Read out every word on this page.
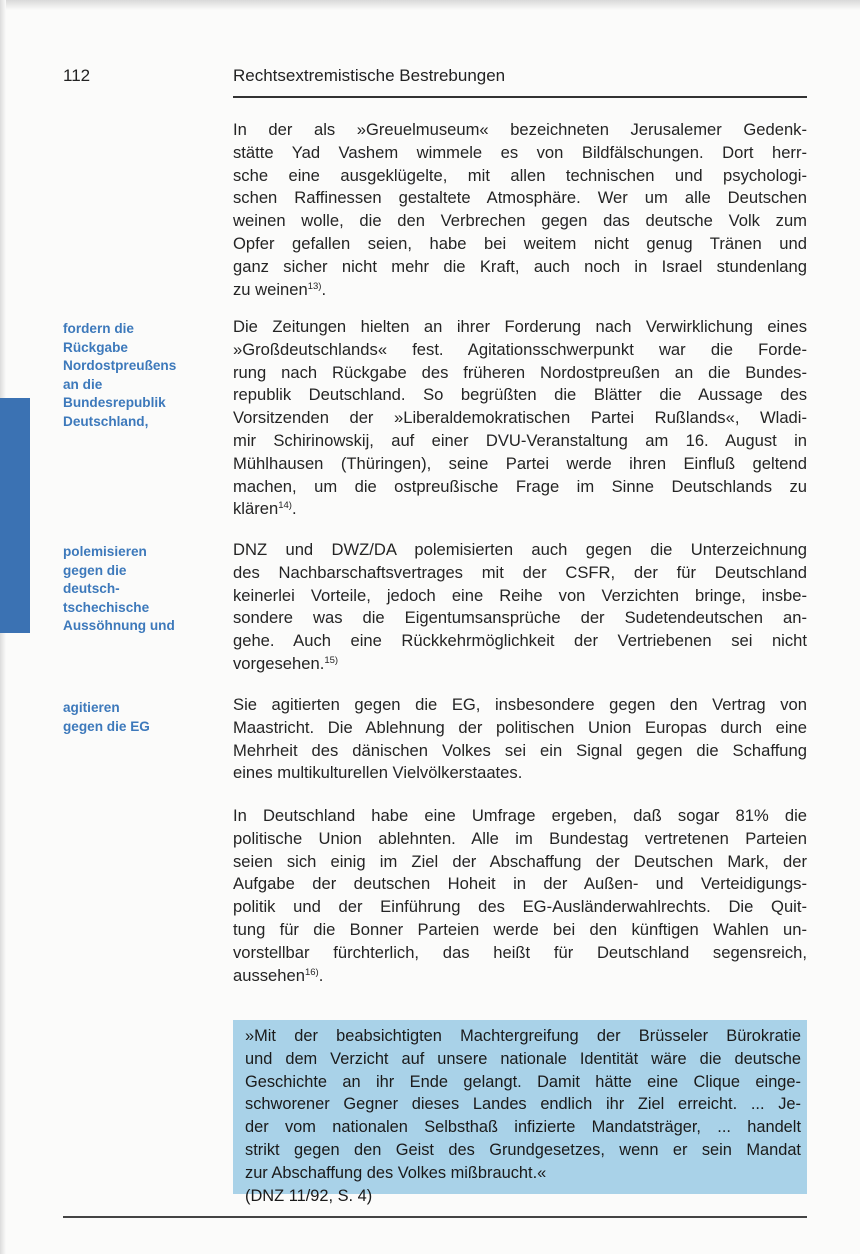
112	Rechtsextremistische Bestrebungen
fordern die
Rückgabe
Nordostpreußens
an die
Bundesrepublik
Deutschland,
polemisieren
gegen die
deutsch-
tschechische
Aussöhnung und
agitieren
gegen die EG
In der als »Greuelmuseum« bezeichneten Jerusalemer Gedenk-
stätte Yad Vashem wimmele es von Bildfälschungen. Dort herr-
sche eine ausgeklügelte, mit allen technischen und psychologi-
schen Raffinessen gestaltete Atmosphäre. Wer um alle Deutschen
weinen wolle, die den Verbrechen gegen das deutsche Volk zum
Opfer gefallen seien, habe bei weitem nicht genug Tränen und
ganz sicher nicht mehr die Kraft, auch noch in Israel stundenlang
zu weinen$^{13)}$.
Die Zeitungen hielten an ihrer Forderung nach Verwirklichung eines
»Großdeutschlands« fest. Agitationsschwerpunkt war die Forde-
rung nach Rückgabe des früheren Nordostpreußen an die Bundes-
republik Deutschland. So begrüßten die Blätter die Aussage des
Vorsitzenden der »Liberaldemokratischen Partei Rußlands«, Wladi-
mir Schirinowskij, auf einer DVU-Veranstaltung am 16. August in
Mühlhausen (Thüringen), seine Partei werde ihren Einfluß geltend
machen, um die ostpreußische Frage im Sinne Deutschlands zu
klären$^{14)}$.
DNZ und DWZ/DA polemisierten auch gegen die Unterzeichnung
des Nachbarschaftsvertrages mit der CSFR, der für Deutschland
keinerlei Vorteile, jedoch eine Reihe von Verzichten bringe, insbe-
sondere was die Eigentumsansprüche der Sudetendeutschen an-
gehe. Auch eine Rückkehrmöglichkeit der Vertriebenen sei nicht
vorgesehen.$^{15)}$
Sie agitierten gegen die EG, insbesondere gegen den Vertrag von
Maastricht. Die Ablehnung der politischen Union Europas durch eine
Mehrheit des dänischen Volkes sei ein Signal gegen die Schaffung
eines multikulturellen Vielvölkerstaates.
In Deutschland habe eine Umfrage ergeben, daß sogar 81% die
politische Union ablehnten. Alle im Bundestag vertretenen Parteien
seien sich einig im Ziel der Abschaffung der Deutschen Mark, der
Aufgabe der deutschen Hoheit in der Außen- und Verteidigungs-
politik und der Einführung des EG-Ausländerwahlrechts. Die Quit-
tung für die Bonner Parteien werde bei den künftigen Wahlen un-
vorstellbar fürchterlich, das heißt für Deutschland segensreich,
aussehen$^{16)}$.
»Mit der beabsichtigten Machtergreifung der Brüsseler Bürokratie
und dem Verzicht auf unsere nationale Identität wäre die deutsche
Geschichte an ihr Ende gelangt. Damit hätte eine Clique einge-
schworener Gegner dieses Landes endlich ihr Ziel erreicht. ... Je-
der vom nationalen Selbsthaß infizierte Mandatsträger, ... handelt
strikt gegen den Geist des Grundgesetzes, wenn er sein Mandat
zur Abschaffung des Volkes mißbraucht.«
(DNZ 11/92, S. 4)
